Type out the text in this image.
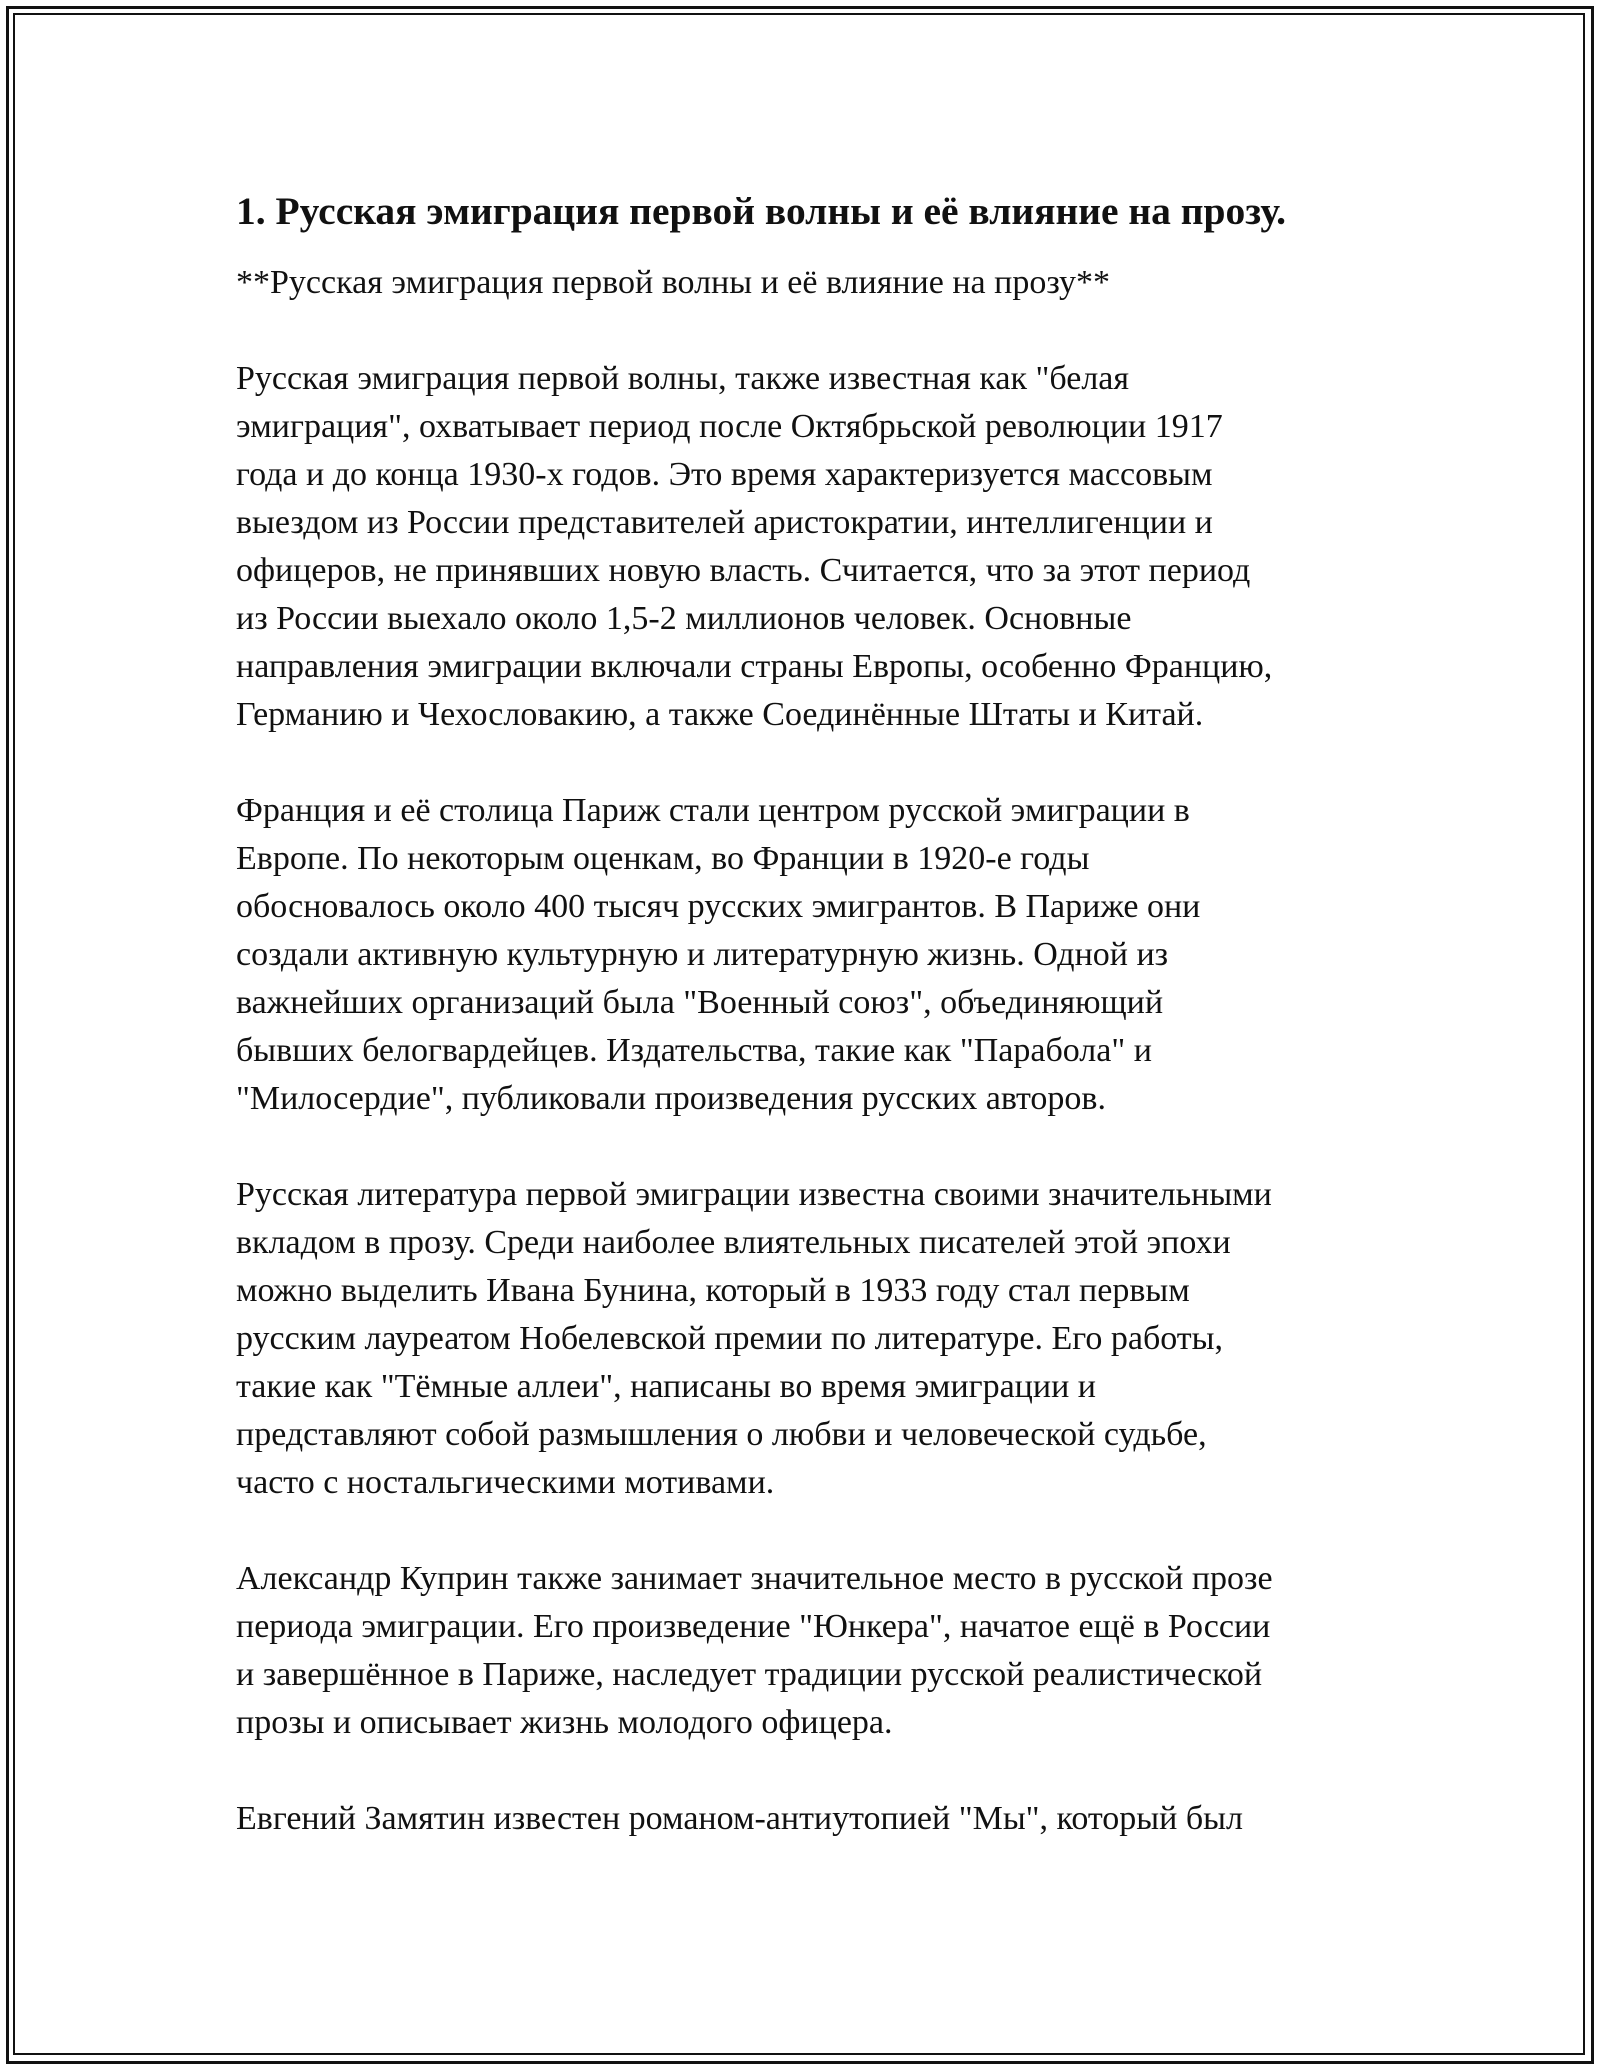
1. Русская эмиграция первой волны и её влияние на прозу.
**Русская эмиграция первой волны и её влияние на прозу**
Русская эмиграция первой волны, также известная как "белая
эмиграция", охватывает период после Октябрьской революции 1917
года и до конца 1930-х годов. Это время характеризуется массовым
выездом из России представителей аристократии, интеллигенции и
офицеров, не принявших новую власть. Считается, что за этот период
из России выехало около 1,5-2 миллионов человек. Основные
направления эмиграции включали страны Европы, особенно Францию,
Германию и Чехословакию, а также Соединённые Штаты и Китай.
Франция и её столица Париж стали центром русской эмиграции в
Европе. По некоторым оценкам, во Франции в 1920-е годы
обосновалось около 400 тысяч русских эмигрантов. В Париже они
создали активную культурную и литературную жизнь. Одной из
важнейших организаций была "Военный союз", объединяющий
бывших белогвардейцев. Издательства, такие как "Парабола" и
"Милосердие", публиковали произведения русских авторов.
Русская литература первой эмиграции известна своими значительными
вкладом в прозу. Среди наиболее влиятельных писателей этой эпохи
можно выделить Ивана Бунина, который в 1933 году стал первым
русским лауреатом Нобелевской премии по литературе. Его работы,
такие как "Тёмные аллеи", написаны во время эмиграции и
представляют собой размышления о любви и человеческой судьбе,
часто с ностальгическими мотивами.
Александр Куприн также занимает значительное место в русской прозе
периода эмиграции. Его произведение "Юнкера", начатое ещё в России
и завершённое в Париже, наследует традиции русской реалистической
прозы и описывает жизнь молодого офицера.
Евгений Замятин известен романом-антиутопией "Мы", который был
